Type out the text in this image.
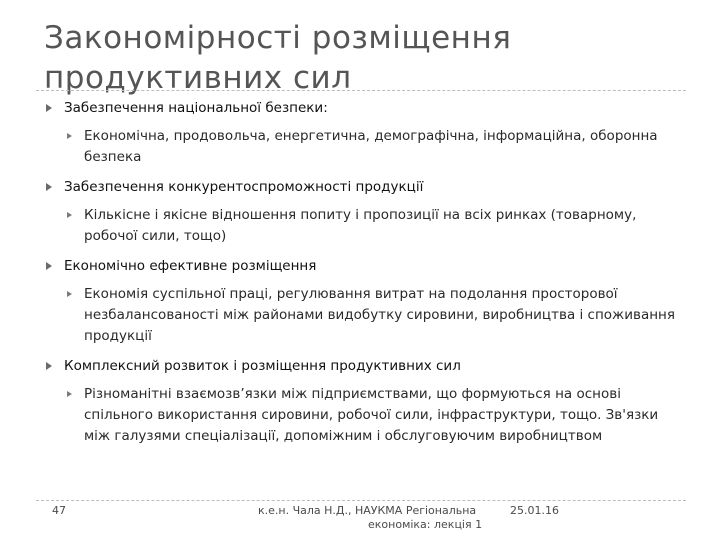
Закономірності розміщення продуктивних сил
Забезпечення національної безпеки:
Економічна, продовольча, енергетична, демографічна, інформаційна, оборонна безпека
Забезпечення конкурентоспроможності продукції
Кількісне і якісне відношення попиту і пропозиції на всіх ринках (товарному, робочої сили, тощо)
Економічно ефективне розміщення
Економія суспільної праці, регулювання витрат на подолання просторової незбалансованості між районами видобутку сировини, виробництва і споживання продукції
Комплексний розвиток і розміщення продуктивних сил
Різноманітні взаємозв’язки між підприємствами, що формуються на основі спільного використання сировини, робочої сили, інфраструктури, тощо. Зв'язки між галузями спеціалізації, допоміжним і обслуговуючим виробництвом
47	к.е.н. Чала Н.Д., НАУКМА Регіональна
економіка: лекція 1
25.01.16
